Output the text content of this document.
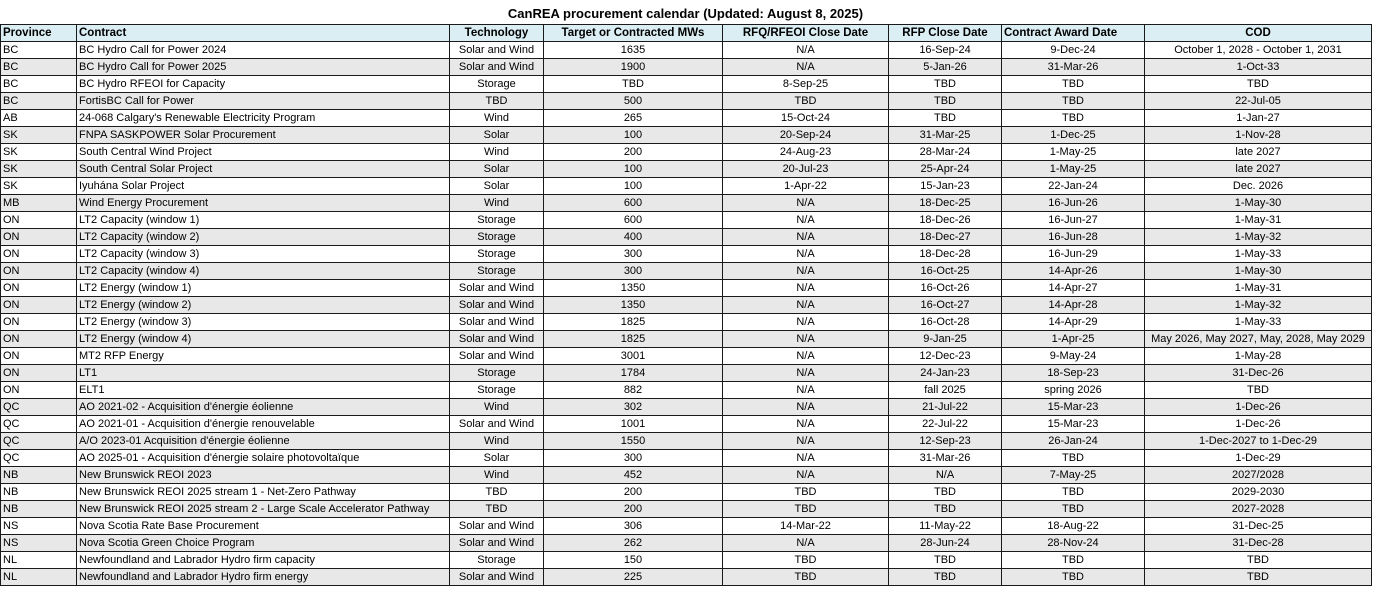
CanREA procurement calendar (Updated: August 8, 2025)
Province	Contract	Technology	Target or Contracted MWs	RFQ/RFEOI Close Date	RFP Close Date	Contract Award Date	COD
BC	BC Hydro Call for Power 2024	Solar and Wind	1635	N/A	16-Sep-24	9-Dec-24	October 1, 2028 - October 1, 2031
BC	BC Hydro Call for Power 2025	Solar and Wind	1900	N/A	5-Jan-26	31-Mar-26	1-Oct-33
BC	BC Hydro RFEOI for Capacity	Storage	TBD	8-Sep-25	TBD	TBD	TBD
BC	FortisBC Call for Power	TBD	500	TBD	TBD	TBD	22-Jul-05
AB	24-068 Calgary's Renewable Electricity Program	Wind	265	15-Oct-24	TBD	TBD	1-Jan-27
SK	FNPA SASKPOWER Solar Procurement	Solar	100	20-Sep-24	31-Mar-25	1-Dec-25	1-Nov-28
SK	South Central Wind Project	Wind	200	24-Aug-23	28-Mar-24	1-May-25	late 2027
SK	South Central Solar Project	Solar	100	20-Jul-23	25-Apr-24	1-May-25	late 2027
SK	Iyuhána Solar Project	Solar	100	1-Apr-22	15-Jan-23	22-Jan-24	Dec. 2026
MB	Wind Energy Procurement	Wind	600	N/A	18-Dec-25	16-Jun-26	1-May-30
ON	LT2 Capacity (window 1)	Storage	600	N/A	18-Dec-26	16-Jun-27	1-May-31
ON	LT2 Capacity (window 2)	Storage	400	N/A	18-Dec-27	16-Jun-28	1-May-32
ON	LT2 Capacity (window 3)	Storage	300	N/A	18-Dec-28	16-Jun-29	1-May-33
ON	LT2 Capacity (window 4)	Storage	300	N/A	16-Oct-25	14-Apr-26	1-May-30
ON	LT2 Energy (window 1)	Solar and Wind	1350	N/A	16-Oct-26	14-Apr-27	1-May-31
ON	LT2 Energy (window 2)	Solar and Wind	1350	N/A	16-Oct-27	14-Apr-28	1-May-32
ON	LT2 Energy (window 3)	Solar and Wind	1825	N/A	16-Oct-28	14-Apr-29	1-May-33
ON	LT2 Energy (window 4)	Solar and Wind	1825	N/A	9-Jan-25	1-Apr-25	May 2026, May 2027, May, 2028, May 2029
ON	MT2 RFP Energy	Solar and Wind	3001	N/A	12-Dec-23	9-May-24	1-May-28
ON	LT1	Storage	1784	N/A	24-Jan-23	18-Sep-23	31-Dec-26
ON	ELT1	Storage	882	N/A	fall 2025	spring 2026	TBD
QC	AO 2021-02 - Acquisition d'énergie éolienne	Wind	302	N/A	21-Jul-22	15-Mar-23	1-Dec-26
QC	AO 2021-01 - Acquisition d'énergie renouvelable	Solar and Wind	1001	N/A	22-Jul-22	15-Mar-23	1-Dec-26
QC	A/O 2023-01 Acquisition d'énergie éolienne	Wind	1550	N/A	12-Sep-23	26-Jan-24	1-Dec-2027 to 1-Dec-29
QC	AO 2025-01 - Acquisition d'énergie solaire photovoltaïque	Solar	300	N/A	31-Mar-26	TBD	1-Dec-29
NB	New Brunswick REOI 2023	Wind	452	N/A	N/A	7-May-25	2027/2028
NB	New Brunswick REOI 2025 stream 1 - Net-Zero Pathway	TBD	200	TBD	TBD	TBD	2029-2030
NB	New Brunswick REOI 2025 stream 2 - Large Scale Accelerator Pathway	TBD	200	TBD	TBD	TBD	2027-2028
NS	Nova Scotia Rate Base Procurement	Solar and Wind	306	14-Mar-22	11-May-22	18-Aug-22	31-Dec-25
NS	Nova Scotia Green Choice Program	Solar and Wind	262	N/A	28-Jun-24	28-Nov-24	31-Dec-28
NL	Newfoundland and Labrador Hydro firm capacity	Storage	150	TBD	TBD	TBD	TBD
NL	Newfoundland and Labrador Hydro firm energy	Solar and Wind	225	TBD	TBD	TBD	TBD
